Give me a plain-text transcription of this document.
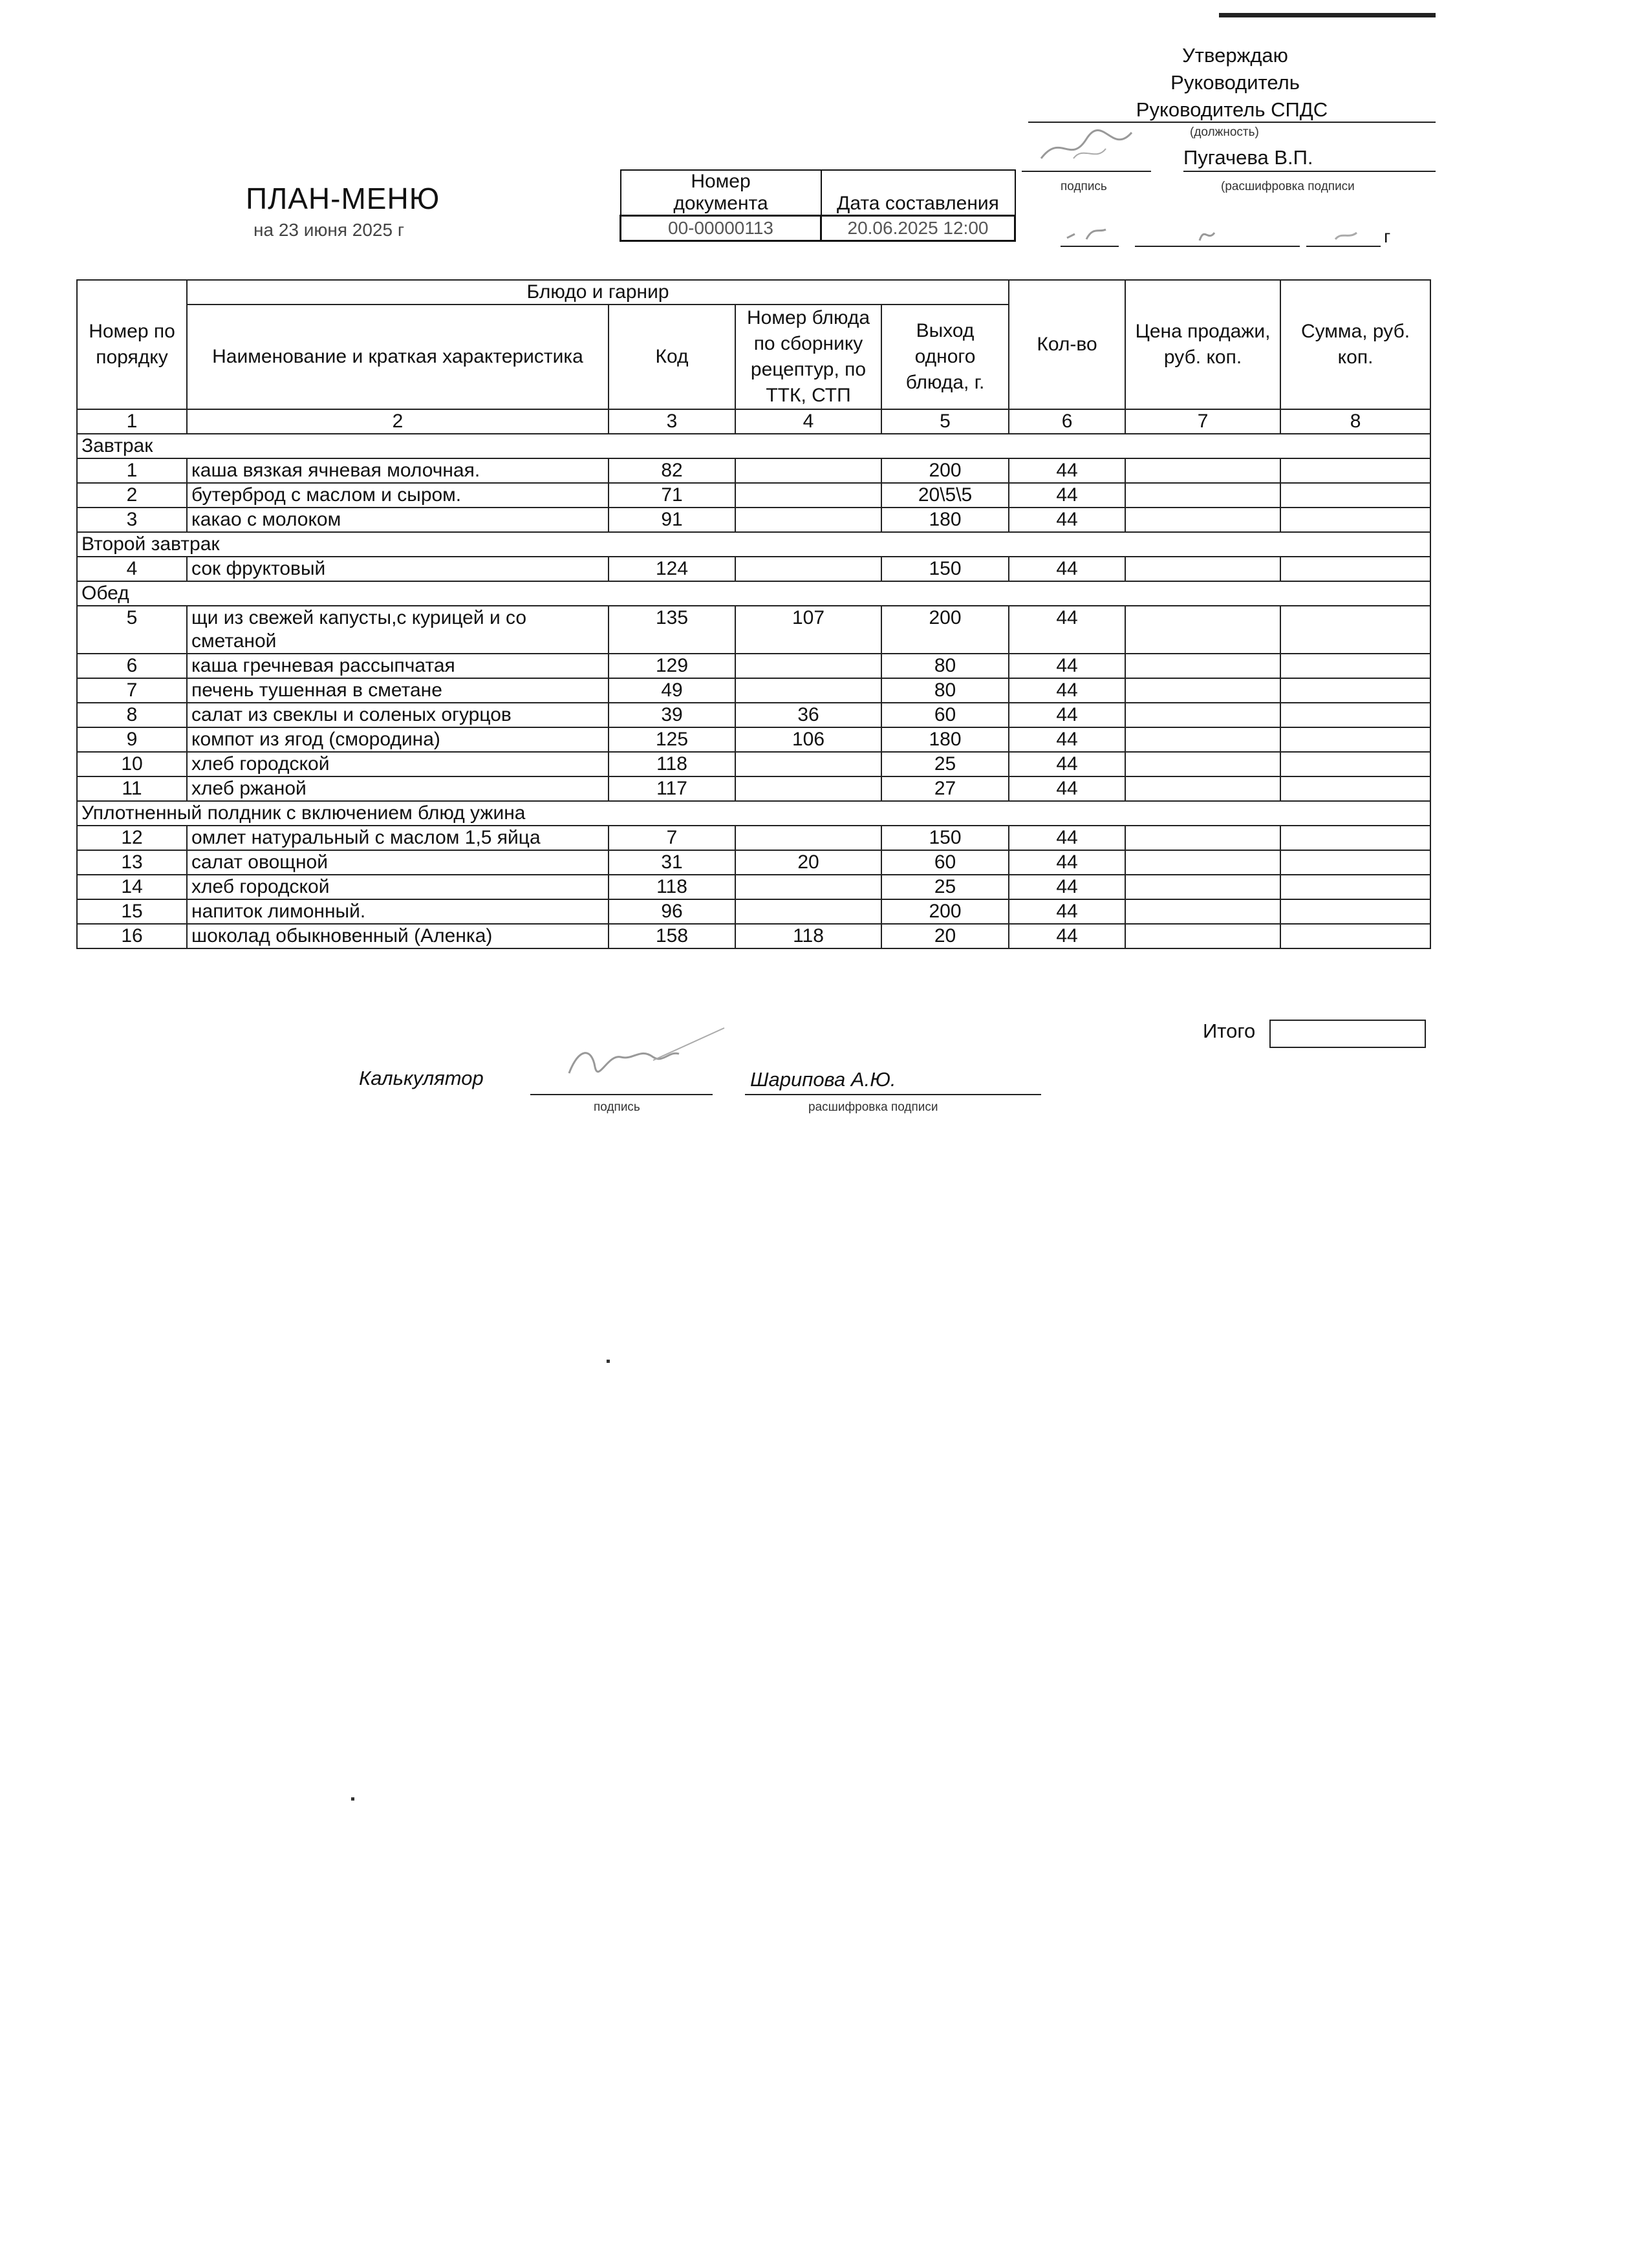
Утверждаю
Руководитель
Руководитель СПДС
(должность)
Пугачева В.П.
подпись	(расшифровка подписи
г
ПЛАН-МЕНЮ
на 23 июня 2025 г
Номер
документа	Дата составления
00-00000113	20.06.2025 12:00
Номер по порядку	Блюдо и гарнир				Кол-во	Цена продажи, руб. коп.	Сумма, руб. коп.
	Наименование и краткая характеристика	Код	Номер блюда по сборнику рецептур, по ТТК, СТП	Выход одного блюда, г.			
1	2	3	4	5	6	7	8
Завтрак							
1	каша вязкая ячневая молочная.	82		200	44		
2	бутерброд с маслом и сыром.	71		20\5\5	44		
3	какао с молоком	91		180	44		
Второй завтрак							
4	сок фруктовый	124		150	44		
Обед							
5	щи из свежей капусты,с курицей и со сметаной	135	107	200	44		
6	каша гречневая рассыпчатая	129		80	44		
7	печень тушенная в сметане	49		80	44		
8	салат из свеклы и соленых огурцов	39	36	60	44		
9	компот из ягод (смородина)	125	106	180	44		
10	хлеб городской	118		25	44		
11	хлеб ржаной	117		27	44		
Уплотненный полдник с включением блюд ужина							
12	омлет натуральный с маслом 1,5 яйца	7		150	44		
13	салат овощной	31	20	60	44		
14	хлеб городской	118		25	44		
15	напиток лимонный.	96		200	44		
16	шоколад обыкновенный (Аленка)	158	118	20	44		
Итого
Калькулятор	Шарипова А.Ю.
подпись	расшифровка подписи
